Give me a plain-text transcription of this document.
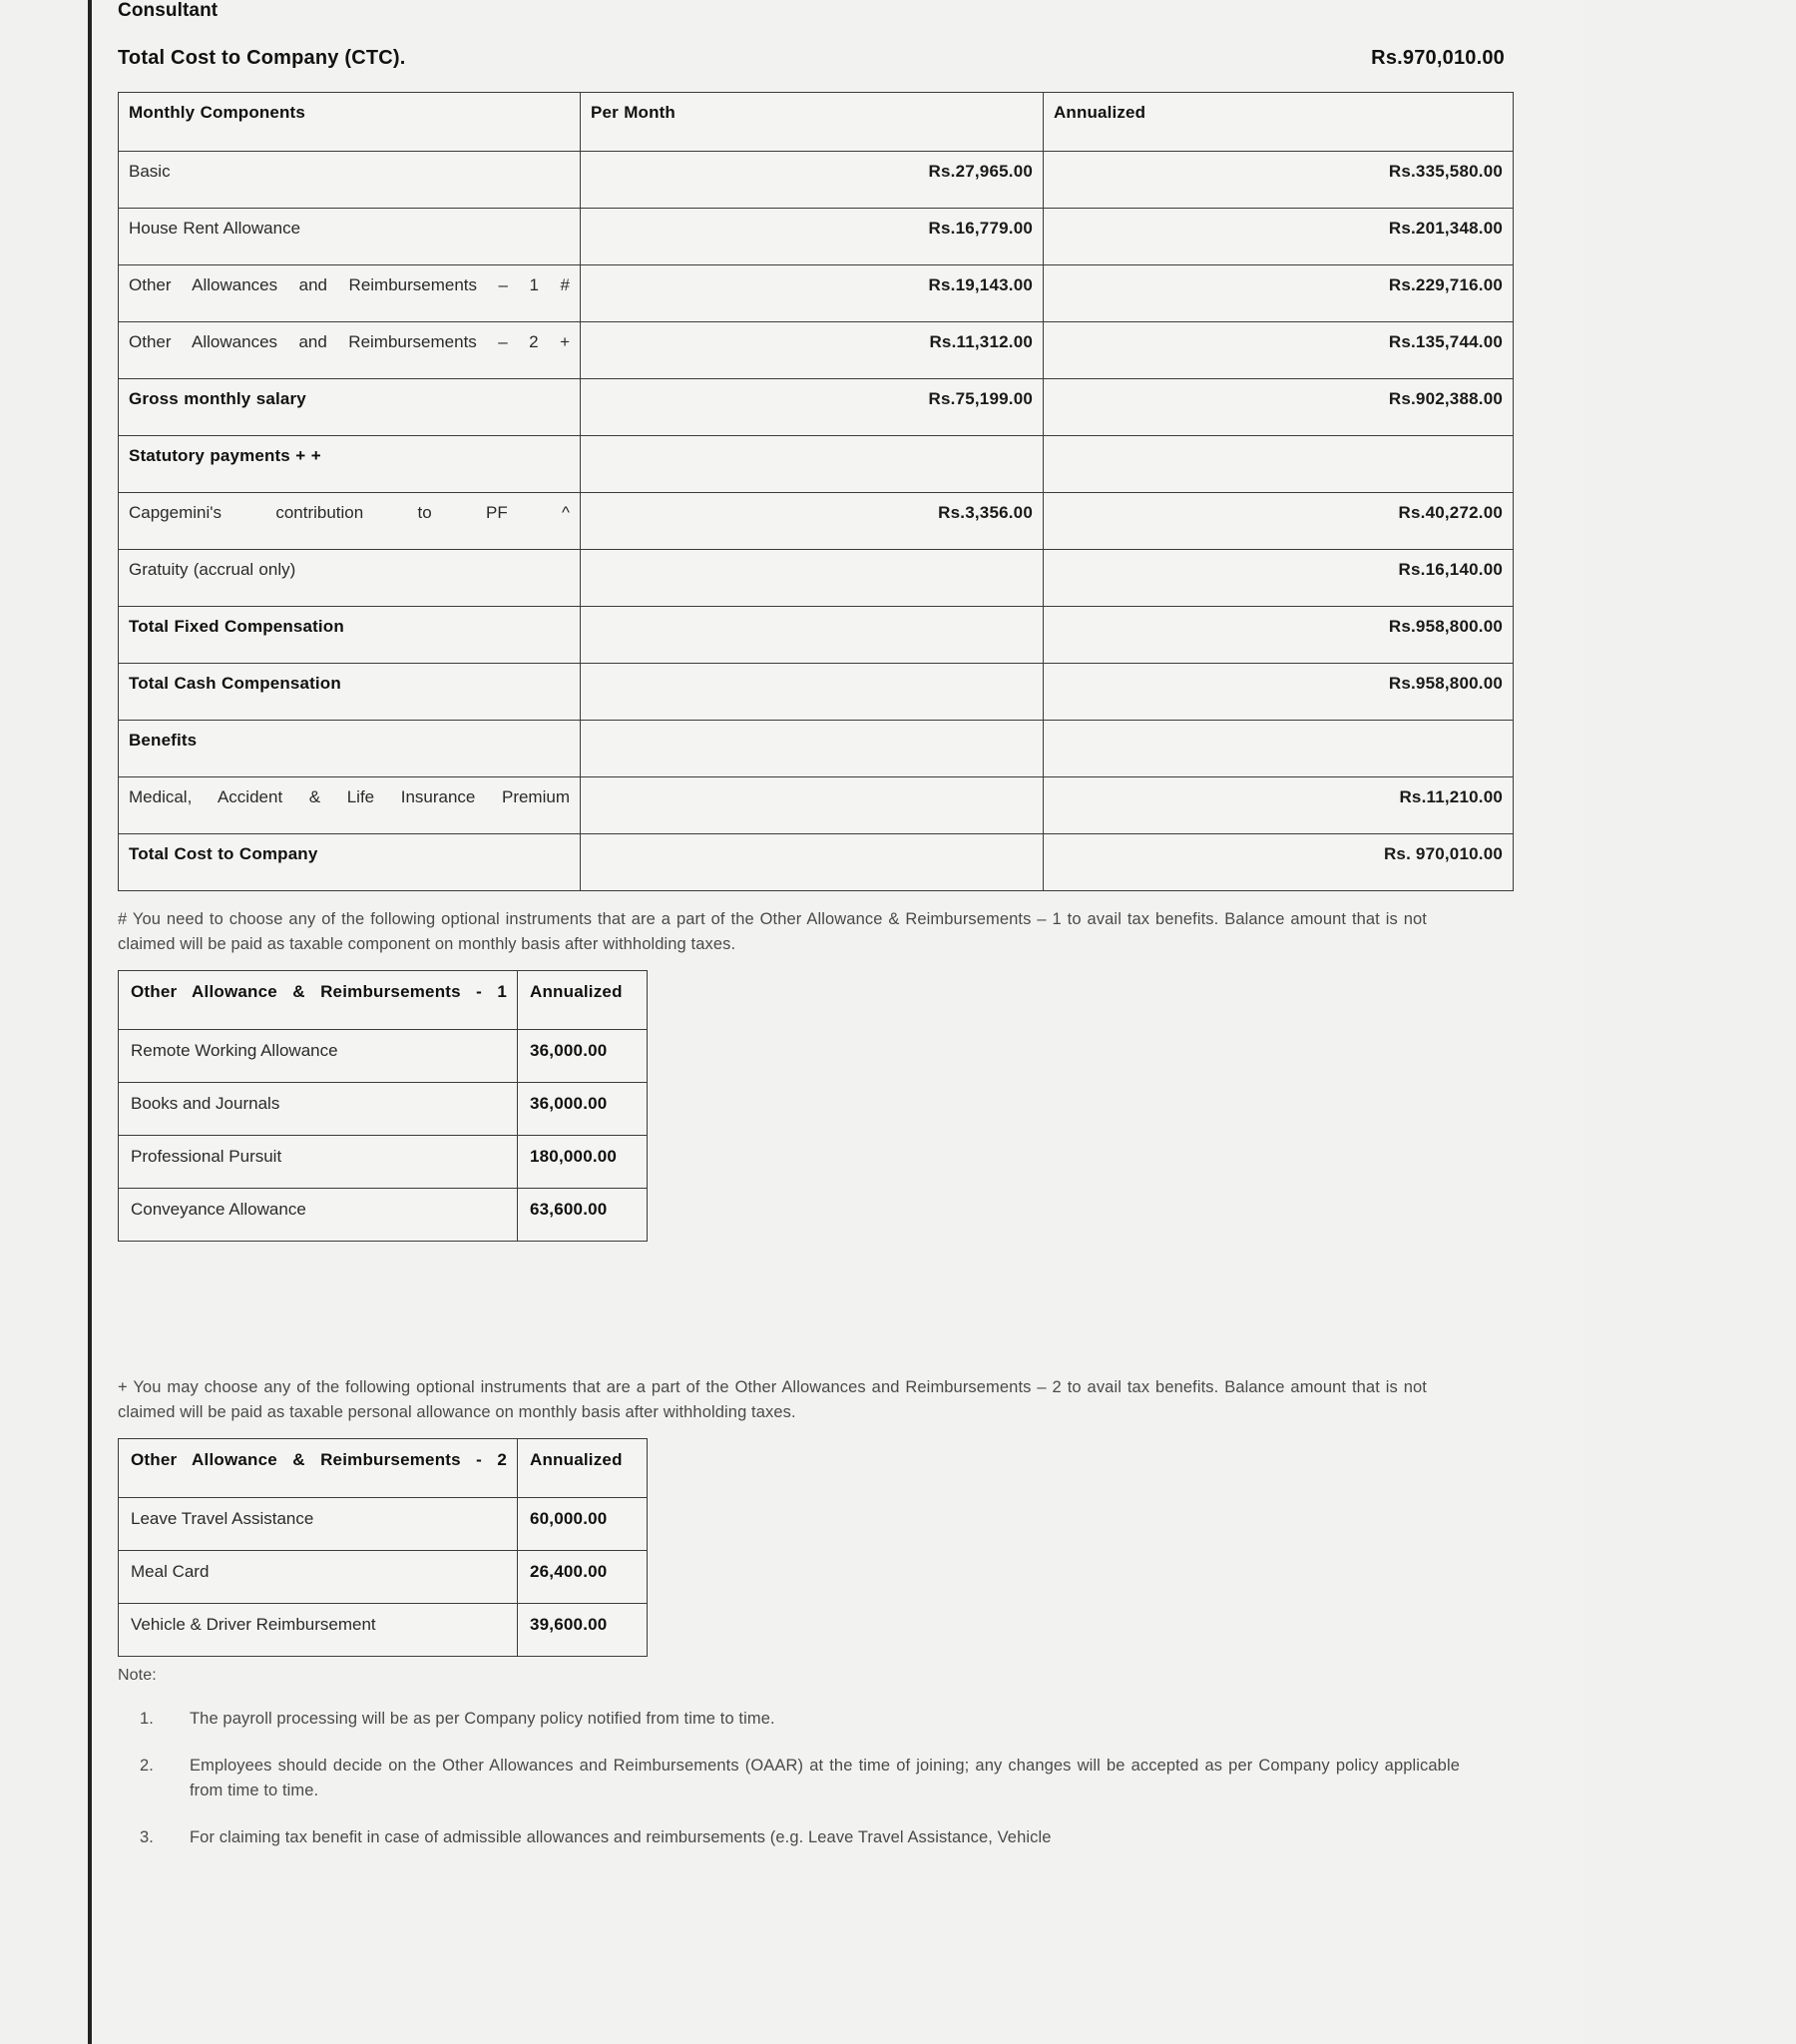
Consultant
Total Cost to Company (CTC).	Rs.970,010.00
Monthly Components	Per Month	Annualized
Basic	Rs.27,965.00	Rs.335,580.00
House Rent Allowance	Rs.16,779.00	Rs.201,348.00
Other Allowances and Reimbursements – 1 #	Rs.19,143.00	Rs.229,716.00
Other Allowances and Reimbursements – 2 +	Rs.11,312.00	Rs.135,744.00
Gross monthly salary	Rs.75,199.00	Rs.902,388.00
Statutory payments + +		
Capgemini's contribution to PF ^	Rs.3,356.00	Rs.40,272.00
Gratuity (accrual only)		Rs.16,140.00
Total Fixed Compensation		Rs.958,800.00
Total Cash Compensation		Rs.958,800.00
Benefits		
Medical, Accident & Life Insurance Premium		Rs.11,210.00
Total Cost to Company		Rs. 970,010.00
# You need to choose any of the following optional instruments that are a part of the Other Allowance & Reimbursements – 1 to avail tax benefits. Balance amount that is not claimed will be paid as taxable component on monthly basis after withholding taxes.
Other Allowance & Reimbursements - 1	Annualized
Remote Working Allowance	36,000.00
Books and Journals	36,000.00
Professional Pursuit	180,000.00
Conveyance Allowance	63,600.00
+ You may choose any of the following optional instruments that are a part of the Other Allowances and Reimbursements – 2 to avail tax benefits. Balance amount that is not claimed will be paid as taxable personal allowance on monthly basis after withholding taxes.
Other Allowance & Reimbursements - 2	Annualized
Leave Travel Assistance	60,000.00
Meal Card	26,400.00
Vehicle & Driver Reimbursement	39,600.00
Note:
1.	The payroll processing will be as per Company policy notified from time to time.
2.	Employees should decide on the Other Allowances and Reimbursements (OAAR) at the time of joining; any changes will be accepted as per Company policy applicable from time to time.
3.	For claiming tax benefit in case of admissible allowances and reimbursements (e.g. Leave Travel Assistance, Vehicle
